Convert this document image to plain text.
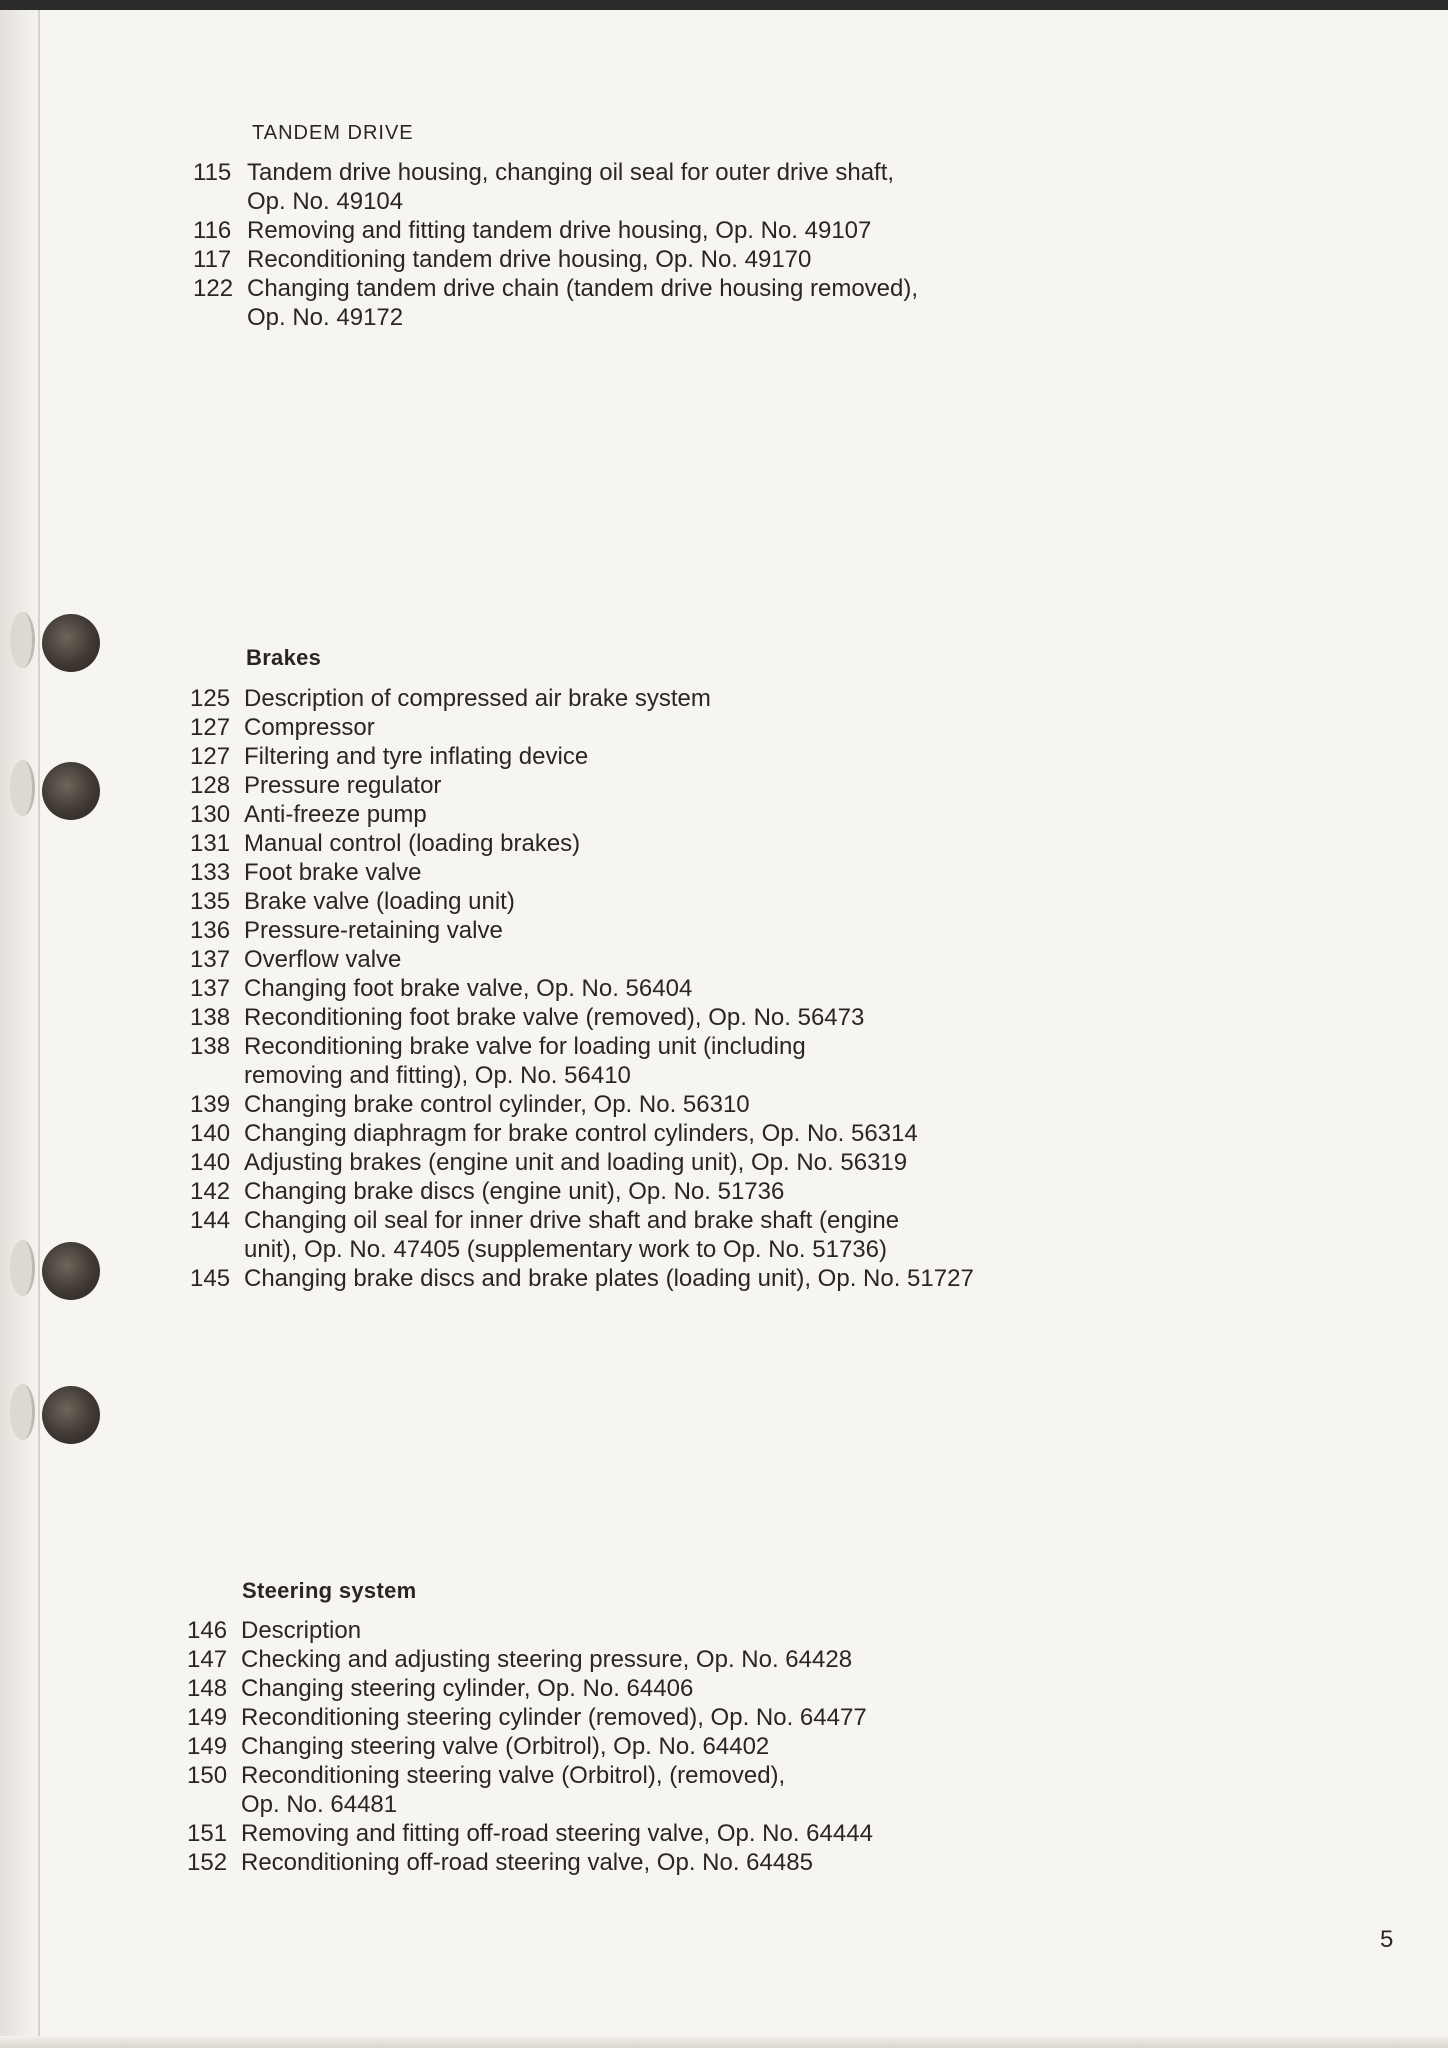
TANDEM DRIVE
115 Tandem drive housing, changing oil seal for outer drive shaft,
Op. No. 49104
116 Removing and fitting tandem drive housing, Op. No. 49107
117 Reconditioning tandem drive housing, Op. No. 49170
122 Changing tandem drive chain (tandem drive housing removed),
Op. No. 49172
Brakes
125 Description of compressed air brake system
127 Compressor
127 Filtering and tyre inflating device
128 Pressure regulator
130 Anti-freeze pump
131 Manual control (loading brakes)
133 Foot brake valve
135 Brake valve (loading unit)
136 Pressure-retaining valve
137 Overflow valve
137 Changing foot brake valve, Op. No. 56404
138 Reconditioning foot brake valve (removed), Op. No. 56473
138 Reconditioning brake valve for loading unit (including
removing and fitting), Op. No. 56410
139 Changing brake control cylinder, Op. No. 56310
140 Changing diaphragm for brake control cylinders, Op. No. 56314
140 Adjusting brakes (engine unit and loading unit), Op. No. 56319
142 Changing brake discs (engine unit), Op. No. 51736
144 Changing oil seal for inner drive shaft and brake shaft (engine
unit), Op. No. 47405 (supplementary work to Op. No. 51736)
145 Changing brake discs and brake plates (loading unit), Op. No. 51727
Steering system
146 Description
147 Checking and adjusting steering pressure, Op. No. 64428
148 Changing steering cylinder, Op. No. 64406
149 Reconditioning steering cylinder (removed), Op. No. 64477
149 Changing steering valve (Orbitrol), Op. No. 64402
150 Reconditioning steering valve (Orbitrol), (removed),
Op. No. 64481
151 Removing and fitting off-road steering valve, Op. No. 64444
152 Reconditioning off-road steering valve, Op. No. 64485

5
